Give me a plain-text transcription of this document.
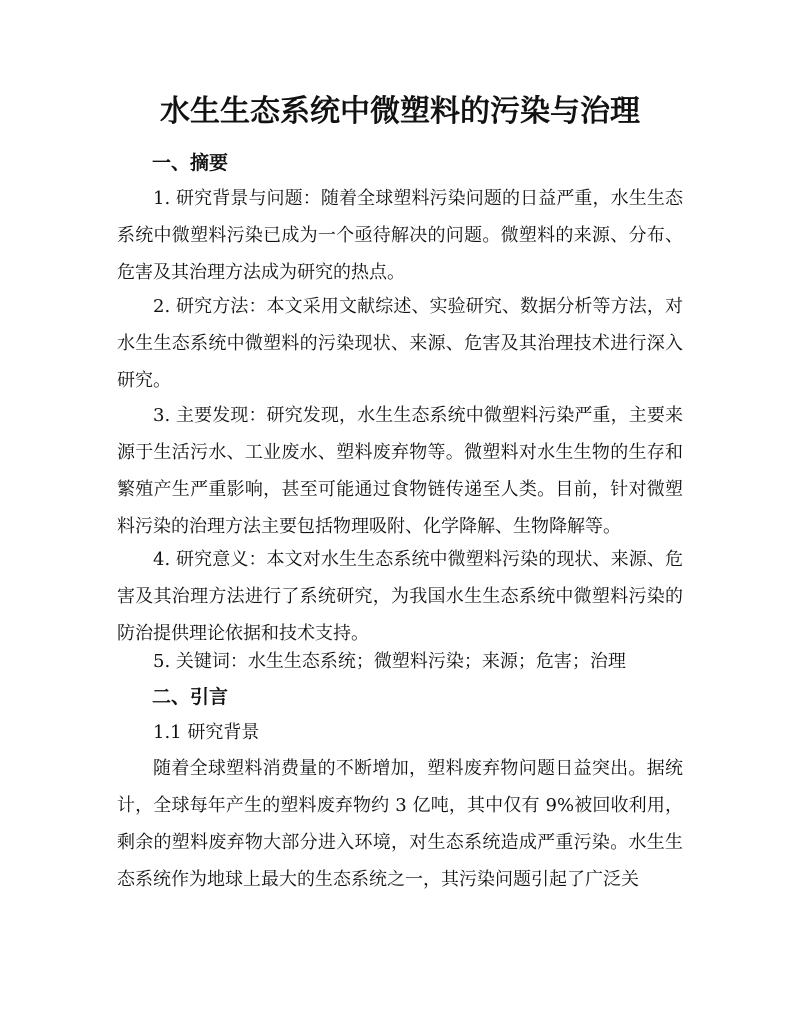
水生生态系统中微塑料的污染与治理
一、摘要

1. 研究背景与问题：随着全球塑料污染问题的日益严重，水生生态系统中微塑料污染已成为一个亟待解决的问题。微塑料的来源、分布、危害及其治理方法成为研究的热点。

2. 研究方法：本文采用文献综述、实验研究、数据分析等方法，对水生生态系统中微塑料的污染现状、来源、危害及其治理技术进行深入研究。

3. 主要发现：研究发现，水生生态系统中微塑料污染严重，主要来源于生活污水、工业废水、塑料废弃物等。微塑料对水生生物的生存和繁殖产生严重影响，甚至可能通过食物链传递至人类。目前，针对微塑料污染的治理方法主要包括物理吸附、化学降解、生物降解等。

4. 研究意义：本文对水生生态系统中微塑料污染的现状、来源、危害及其治理方法进行了系统研究，为我国水生生态系统中微塑料污染的防治提供理论依据和技术支持。

5. 关键词：水生生态系统；微塑料污染；来源；危害；治理
二、引言
1.1 研究背景

随着全球塑料消费量的不断增加，塑料废弃物问题日益突出。据统计，全球每年产生的塑料废弃物约 3 亿吨，其中仅有 9%被回收利用，剩余的塑料废弃物大部分进入环境，对生态系统造成严重污染。水生生态系统作为地球上最大的生态系统之一，其污染问题引起了广泛关
